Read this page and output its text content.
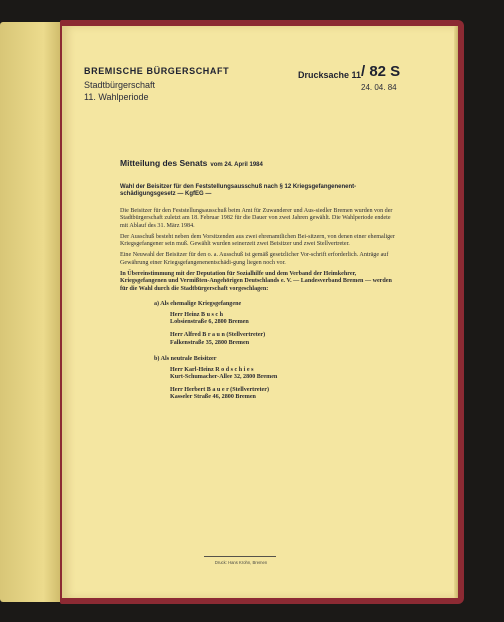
BREMISCHE BÜRGERSCHAFT
Stadtbürgerschaft
11. Wahlperiode
Drucksache 11 / 82 S
24. 04. 84
Mitteilung des Senats vom 24. April 1984

Wahl der Beisitzer für den Feststellungsausschuß nach § 12 Kriegsgefangenenent-schädigungsgesetz — KgfEG —

Die Beisitzer für den Feststellungsausschuß beim Amt für Zuwanderer und Aus-siedler Bremen wurden von der Stadtbürgerschaft zuletzt am 18. Februar 1982 für die Dauer von zwei Jahren gewählt. Die Wahlperiode endete mit Ablauf des 31. März 1984.

Der Ausschuß besteht neben dem Vorsitzenden aus zwei ehrenamtlichen Bei-sitzern, von denen einer ehemaliger Kriegsgefangener sein muß. Gewählt wurden seinerzeit zwei Beisitzer und zwei Stellvertreter.

Eine Neuwahl der Beisitzer für den o. a. Ausschuß ist gemäß gesetzlicher Vor-schrift erforderlich. Anträge auf Gewährung einer Kriegsgefangenenentschädi-gung liegen noch vor.

In Übereinstimmung mit der Deputation für Sozialhilfe und dem Verband der Heimkehrer, Kriegsgefangenen und Vermißten-Angehörigen Deutschlands e. V. — Landesverband Bremen — werden für die Wahl durch die Stadtbürgerschaft vorgeschlagen:

a) Als ehemalige Kriegsgefangene
Herr Heinz B u s c h
Lobsienstraße 6, 2800 Bremen
Herr Alfred B r a u n (Stellvertreter)
Falkenstraße 35, 2800 Bremen
b) Als neutrale Beisitzer
Herr Karl-Heinz R o d s c h i e s
Kurt-Schumacher-Allee 32, 2800 Bremen
Herr Herbert B a u e r (Stellvertreter)
Kasseler Straße 46, 2800 Bremen
Druck: Hans Krohn, Bremen
